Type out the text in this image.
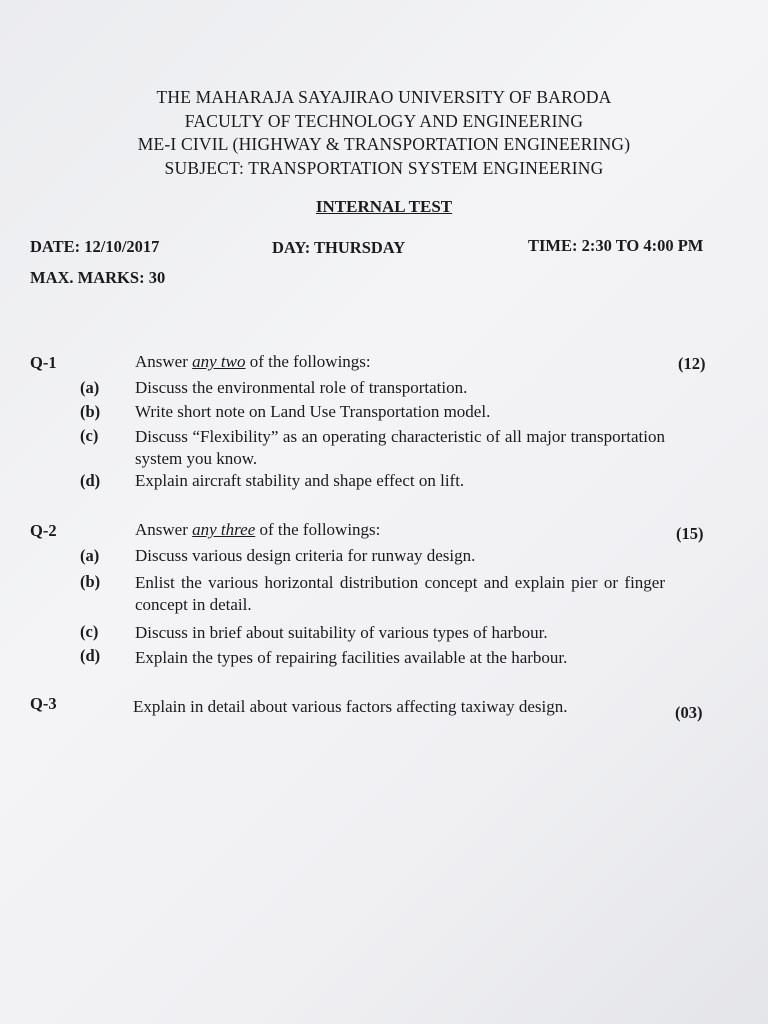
THE MAHARAJA SAYAJIRAO UNIVERSITY OF BARODA
FACULTY OF TECHNOLOGY AND ENGINEERING
ME-I CIVIL (HIGHWAY & TRANSPORTATION ENGINEERING)
SUBJECT: TRANSPORTATION SYSTEM ENGINEERING
INTERNAL TEST
DATE: 12/10/2017	DAY: THURSDAY	TIME: 2:30 TO 4:00 PM
MAX. MARKS: 30
Q-1	Answer any two of the followings:	(12)
(a) Discuss the environmental role of transportation.
(b) Write short note on Land Use Transportation model.
(c) Discuss “Flexibility” as an operating characteristic of all major transportation system you know.
(d) Explain aircraft stability and shape effect on lift.
Q-2	Answer any three of the followings:	(15)
(a) Discuss various design criteria for runway design.
(b) Enlist the various horizontal distribution concept and explain pier or finger concept in detail.
(c) Discuss in brief about suitability of various types of harbour.
(d) Explain the types of repairing facilities available at the harbour.
Q-3	Explain in detail about various factors affecting taxiway design.	(03)
